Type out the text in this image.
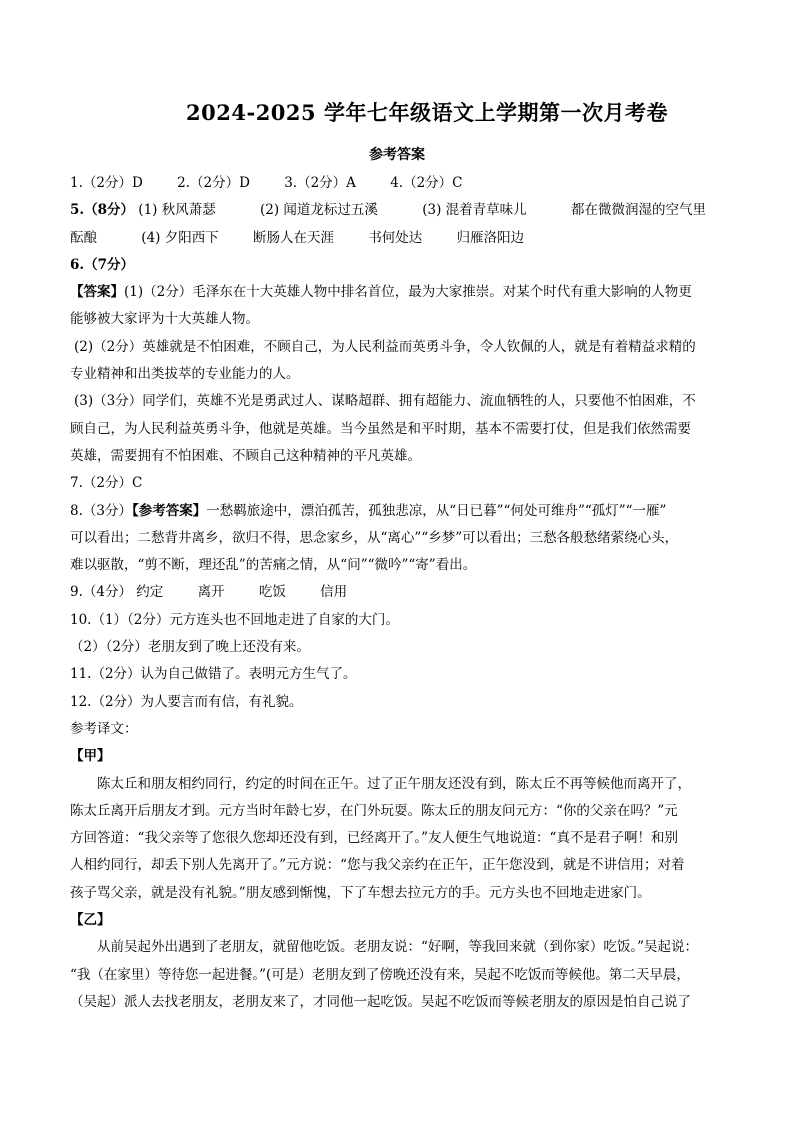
2024-2025 学年七年级语文上学期第一次月考卷
参考答案
1.（2分）D	2.（2分）D	3.（2分）A	4.（2分）C
5.（8分） (1) 秋风萧瑟	(2) 闻道龙标过五溪	(3) 混着青草味儿	都在微微润湿的空气里
酝酿	(4) 夕阳西下	断肠人在天涯	书何处达	归雁洛阳边
6.（7分）
【答案】(1)（2分）毛泽东在十大英雄人物中排名首位，最为大家推崇。对某个时代有重大影响的人物更
能够被大家评为十大英雄人物。
(2)（2分）英雄就是不怕困难，不顾自己，为人民利益而英勇斗争，令人钦佩的人，就是有着精益求精的
专业精神和出类拔萃的专业能力的人。
(3)（3分）同学们，英雄不光是勇武过人、谋略超群、拥有超能力、流血牺牲的人，只要他不怕困难，不
顾自己，为人民利益英勇斗争，他就是英雄。当今虽然是和平时期，基本不需要打仗，但是我们依然需要
英雄，需要拥有不怕困难、不顾自己这种精神的平凡英雄。
7.（2分）C
8.（3分）【参考答案】一愁羁旅途中，漂泊孤苦，孤独悲凉，从“日已暮”“何处可维舟”“孤灯”“一雁”
可以看出；二愁背井离乡，欲归不得，思念家乡，从“离心”“乡梦”可以看出；三愁各般愁绪萦绕心头，
难以驱散，“剪不断，理还乱”的苦痛之情，从“问”“微吟”“寄”看出。
9.（4分） 约定	离开	吃饭	信用
10.（1）（2分）元方连头也不回地走进了自家的大门。
（2）（2分）老朋友到了晚上还没有来。
11.（2分）认为自己做错了。表明元方生气了。
12.（2分）为人要言而有信，有礼貌。
参考译文：
【甲】
陈太丘和朋友相约同行，约定的时间在正午。过了正午朋友还没有到，陈太丘不再等候他而离开了，
陈太丘离开后朋友才到。元方当时年龄七岁，在门外玩耍。陈太丘的朋友问元方：“你的父亲在吗？”元
方回答道：“我父亲等了您很久您却还没有到，已经离开了。”友人便生气地说道：“真不是君子啊！和别
人相约同行，却丢下别人先离开了。”元方说：“您与我父亲约在正午，正午您没到，就是不讲信用；对着
孩子骂父亲，就是没有礼貌。”朋友感到惭愧，下了车想去拉元方的手。元方头也不回地走进家门。
【乙】
从前吴起外出遇到了老朋友，就留他吃饭。老朋友说：“好啊，等我回来就（到你家）吃饭。”吴起说：
“我（在家里）等待您一起进餐。”(可是）老朋友到了傍晚还没有来，吴起不吃饭而等候他。第二天早晨，
（吴起）派人去找老朋友，老朋友来了，才同他一起吃饭。吴起不吃饭而等候老朋友的原因是怕自己说了
